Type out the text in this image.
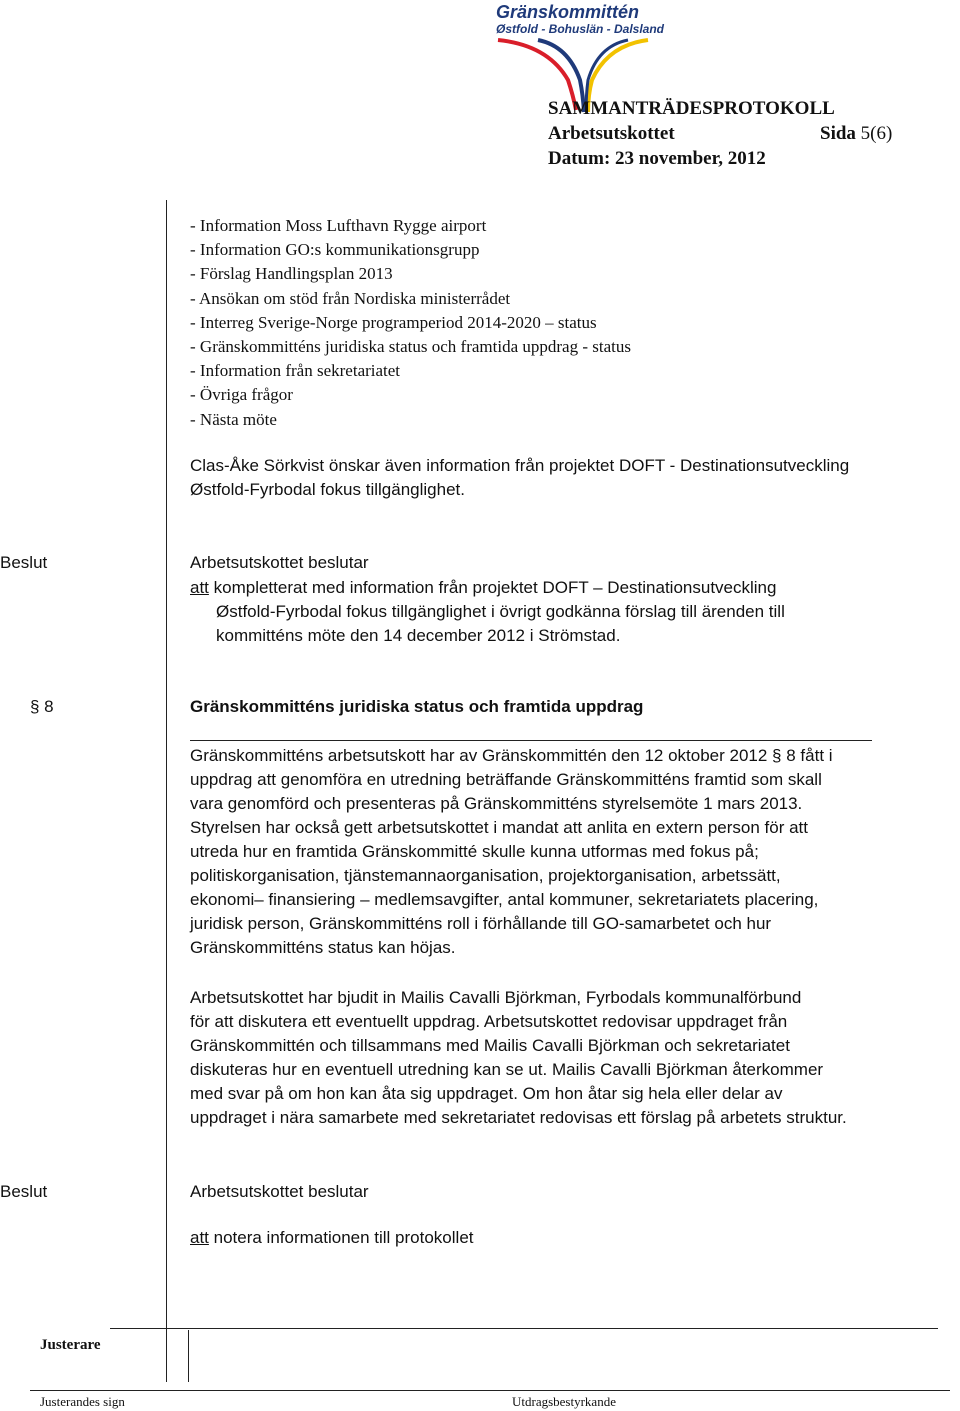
Gränskommittén
Østfold - Bohuslän - Dalsland
SAMMANTRÄDESPROTOKOLL
Arbetsutskottet	Sida 5(6)
Datum: 23 november, 2012
- Information Moss Lufthavn Rygge airport
- Information GO:s kommunikationsgrupp
- Förslag Handlingsplan 2013
- Ansökan om stöd från Nordiska ministerrådet
- Interreg Sverige-Norge programperiod 2014-2020 – status
- Gränskommitténs juridiska status och framtida uppdrag - status
- Information från sekretariatet
- Övriga frågor
- Nästa möte
Clas-Åke Sörkvist önskar även information från projektet DOFT - Destinationsutveckling
Østfold-Fyrbodal fokus tillgänglighet.
Beslut	Arbetsutskottet beslutar
att kompletterat med information från projektet DOFT – Destinationsutveckling
Østfold-Fyrbodal fokus tillgänglighet i övrigt godkänna förslag till ärenden till
kommitténs möte den 14 december 2012 i Strömstad.
§ 8	Gränskommitténs juridiska status och framtida uppdrag
Gränskommitténs arbetsutskott har av Gränskommittén den 12 oktober 2012 § 8 fått i
uppdrag att genomföra en utredning beträffande Gränskommitténs framtid som skall
vara genomförd och presenteras på Gränskommitténs styrelsemöte 1 mars 2013.
Styrelsen har också gett arbetsutskottet i mandat att anlita en extern person för att
utreda hur en framtida Gränskommitté skulle kunna utformas med fokus på;
politiskorganisation, tjänstemannaorganisation, projektorganisation, arbetssätt,
ekonomi– finansiering – medlemsavgifter, antal kommuner, sekretariatets placering,
juridisk person, Gränskommitténs roll i förhållande till GO-samarbetet och hur
Gränskommitténs status kan höjas.
Arbetsutskottet har bjudit in Mailis Cavalli Björkman, Fyrbodals kommunalförbund
för att diskutera ett eventuellt uppdrag. Arbetsutskottet redovisar uppdraget från
Gränskommittén och tillsammans med Mailis Cavalli Björkman och sekretariatet
diskuteras hur en eventuell utredning kan se ut. Mailis Cavalli Björkman återkommer
med svar på om hon kan åta sig uppdraget. Om hon åtar sig hela eller delar av
uppdraget i nära samarbete med sekretariatet redovisas ett förslag på arbetets struktur.
Beslut	Arbetsutskottet beslutar
att notera informationen till protokollet
Justerare
Justerandes sign	Utdragsbestyrkande
